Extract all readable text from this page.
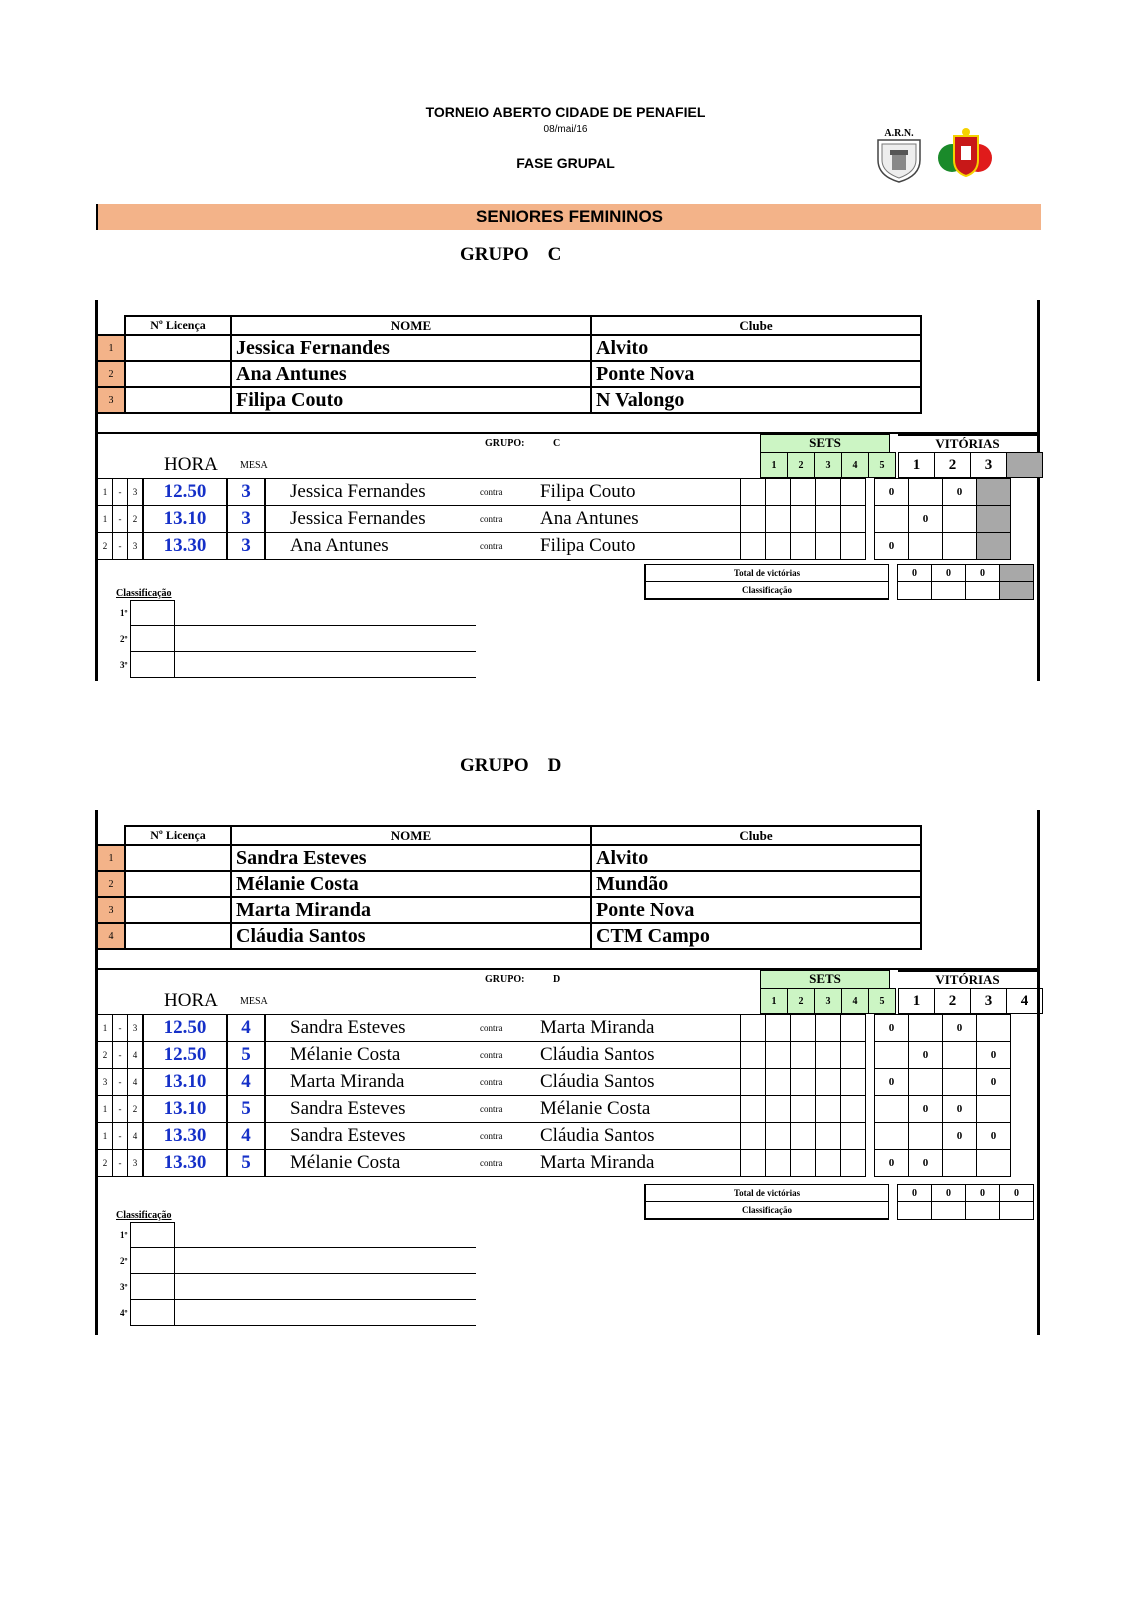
TORNEIO ABERTO CIDADE DE PENAFIEL
08/mai/16
FASE GRUPAL
A.R.N.
SENIORES FEMININOS
GRUPO C
	Nº Licença	NOME	Clube
1		Jessica Fernandes	Alvito
2		Ana Antunes	Ponte Nova
3		Filipa Couto	N Valongo
GRUPO:	C
HORA MESA
SETS
1	2	3	4	5
VITÓRIAS
1	2	3	
1	-	3	12.50	3	Jessica Fernandes	contra	Filipa Couto							0		0	
1	-	2	13.10	3	Jessica Fernandes	contra	Ana Antunes								0		
2	-	3	13.30	3	Ana Antunes	contra	Filipa Couto							0			
Total de victórias		0	0	0	
Classificação					
Classificação
1º
2º
3º
GRUPO D
	Nº Licença	NOME	Clube
1		Sandra Esteves	Alvito
2		Mélanie Costa	Mundão
3		Marta Miranda	Ponte Nova
4		Cláudia Santos	CTM Campo
GRUPO:	D
HORA MESA
SETS
1	2	3	4	5
VITÓRIAS
1	2	3	4
1	-	3	12.50	4	Sandra Esteves	contra	Marta Miranda							0		0	
2	-	4	12.50	5	Mélanie Costa	contra	Cláudia Santos								0		0
3	-	4	13.10	4	Marta Miranda	contra	Cláudia Santos							0			0
1	-	2	13.10	5	Sandra Esteves	contra	Mélanie Costa								0	0	
1	-	4	13.30	4	Sandra Esteves	contra	Cláudia Santos									0	0
2	-	3	13.30	5	Mélanie Costa	contra	Marta Miranda							0	0		
Total de victórias		0	0	0	0
Classificação					
Classificação
1º
2º
3º
4º
